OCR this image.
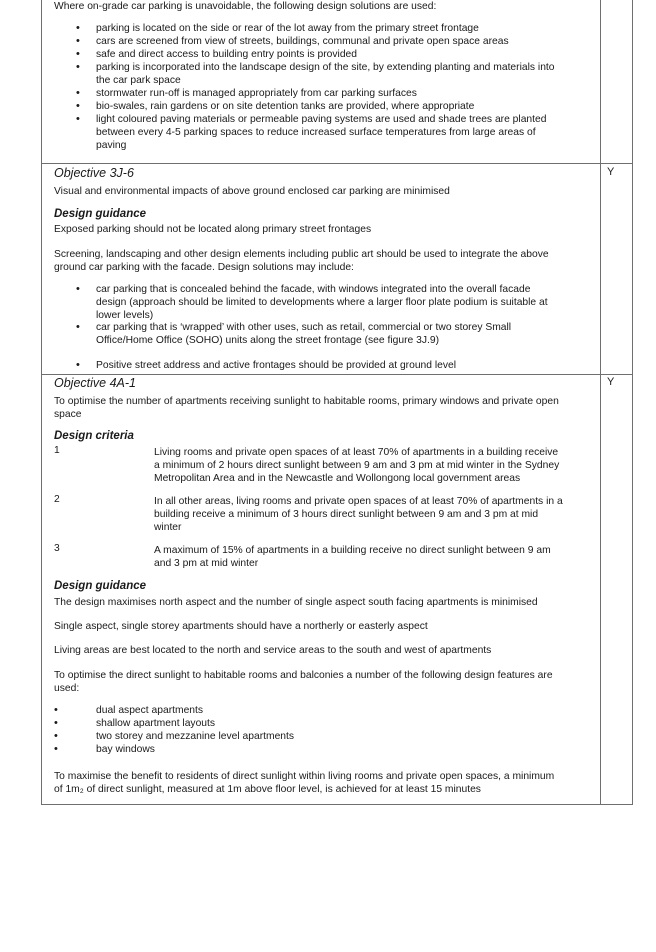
Where on-grade car parking is unavoidable, the following design solutions are used:
• parking is located on the side or rear of the lot away from the primary street frontage
• cars are screened from view of streets, buildings, communal and private open space areas
• safe and direct access to building entry points is provided
• parking is incorporated into the landscape design of the site, by extending planting and materials into
the car park space
• stormwater run-off is managed appropriately from car parking surfaces
• bio-swales, rain gardens or on site detention tanks are provided, where appropriate
• light coloured paving materials or permeable paving systems are used and shade trees are planted
between every 4-5 parking spaces to reduce increased surface temperatures from large areas of
paving
Objective 3J-6	Y
Visual and environmental impacts of above ground enclosed car parking are minimised
Design guidance
Exposed parking should not be located along primary street frontages
Screening, landscaping and other design elements including public art should be used to integrate the above
ground car parking with the facade. Design solutions may include:
• car parking that is concealed behind the facade, with windows integrated into the overall facade
design (approach should be limited to developments where a larger floor plate podium is suitable at
lower levels)
• car parking that is ‘wrapped’ with other uses, such as retail, commercial or two storey Small
Office/Home Office (SOHO) units along the street frontage (see figure 3J.9)
• Positive street address and active frontages should be provided at ground level
Objective 4A-1	Y
To optimise the number of apartments receiving sunlight to habitable rooms, primary windows and private open
space
Design criteria
1	Living rooms and private open spaces of at least 70% of apartments in a building receive
a minimum of 2 hours direct sunlight between 9 am and 3 pm at mid winter in the Sydney
Metropolitan Area and in the Newcastle and Wollongong local government areas
2	In all other areas, living rooms and private open spaces of at least 70% of apartments in a
building receive a minimum of 3 hours direct sunlight between 9 am and 3 pm at mid
winter
3	A maximum of 15% of apartments in a building receive no direct sunlight between 9 am
and 3 pm at mid winter
Design guidance
The design maximises north aspect and the number of single aspect south facing apartments is minimised
Single aspect, single storey apartments should have a northerly or easterly aspect
Living areas are best located to the north and service areas to the south and west of apartments
To optimise the direct sunlight to habitable rooms and balconies a number of the following design features are
used:
• dual aspect apartments
• shallow apartment layouts
• two storey and mezzanine level apartments
• bay windows
To maximise the benefit to residents of direct sunlight within living rooms and private open spaces, a minimum
of 1m₂ of direct sunlight, measured at 1m above floor level, is achieved for at least 15 minutes
